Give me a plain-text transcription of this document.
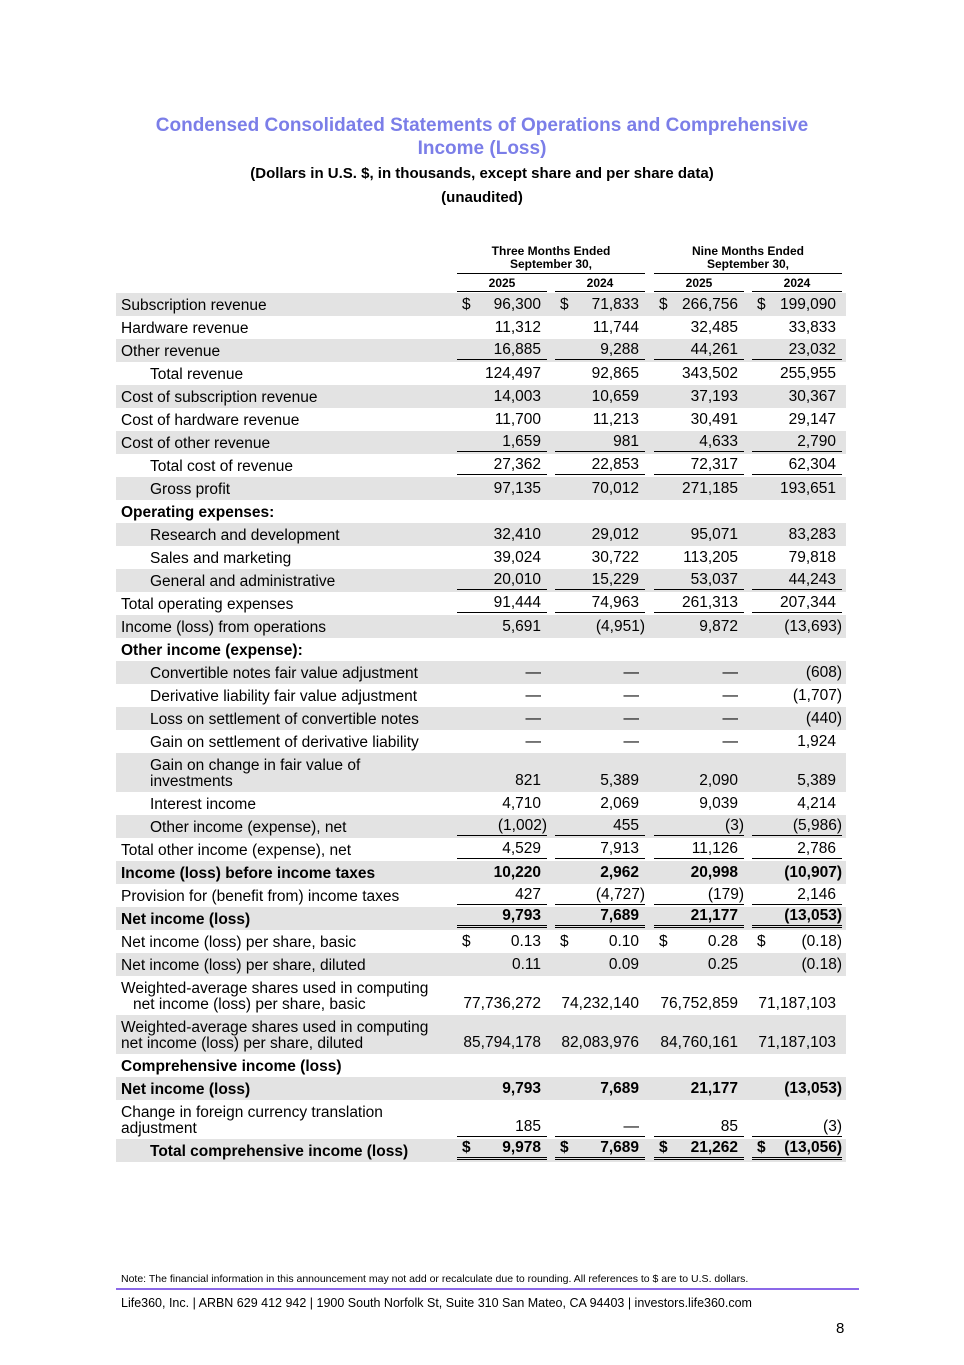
Condensed Consolidated Statements of Operations and Comprehensive
Income (Loss)
(Dollars in U.S. $, in thousands, except share and per share data)
(unaudited)
Three Months Ended
September 30,
Nine Months Ended
September 30,
2025	2024	2025	2024
Subscription revenue	$ 96,300 $ 71,833 $ 266,756 $ 199,090
Hardware revenue	11,312	11,744	32,485	33,833
Other revenue	16,885	9,288	44,261	23,032
Total revenue	124,497	92,865	343,502	255,955
Cost of subscription revenue	14,003	10,659	37,193	30,367
Cost of hardware revenue	11,700	11,213	30,491	29,147
Cost of other revenue	1,659	981	4,633	2,790
Total cost of revenue	27,362	22,853	72,317	62,304
Gross profit	97,135	70,012	271,185	193,651
Operating expenses:
Research and development	32,410	29,012	95,071	83,283
Sales and marketing	39,024	30,722	113,205	79,818
General and administrative	20,010	15,229	53,037	44,243
Total operating expenses	91,444	74,963	261,313	207,344
Income (loss) from operations	5,691	(4,951)	9,872	(13,693)
Other income (expense):
Convertible notes fair value adjustment	—	—	—	(608)
Derivative liability fair value adjustment	—	—	—	(1,707)
Loss on settlement of convertible notes	—	—	—	(440)
Gain on settlement of derivative liability	—	—	—	1,924
Gain on change in fair value of
investments	821	5,389	2,090	5,389
Interest income	4,710	2,069	9,039	4,214
Other income (expense), net	(1,002)	455	(3)	(5,986)
Total other income (expense), net	4,529	7,913	11,126	2,786
Income (loss) before income taxes	10,220	2,962	20,998	(10,907)
Provision for (benefit from) income taxes	427	(4,727)	(179)	2,146
Net income (loss)	9,793	7,689	21,177	(13,053)
Net income (loss) per share, basic	$	0.13 $	0.10 $	0.28 $ (0.18)
Net income (loss) per share, diluted	0.11	0.09	0.25	(0.18)
Weighted-average shares used in computing
net income (loss) per share, basic	77,736,272 74,232,140 76,752,859 71,187,103
Weighted-average shares used in computing
net income (loss) per share, diluted	85,794,178 82,083,976 84,760,161 71,187,103
Comprehensive income (loss)
Net income (loss)	9,793	7,689	21,177	(13,053)
Change in foreign currency translation
adjustment	185	—	85	(3)
Total comprehensive income (loss)	$ 9,978 $ 7,689 $ 21,262 $ (13,056)
Note: The financial information in this announcement may not add or recalculate due to rounding. All references to $ are to U.S. dollars.
Life360, Inc. | ARBN 629 412 942 | 1900 South Norfolk St, Suite 310 San Mateo, CA 94403 | investors.life360.com
8
